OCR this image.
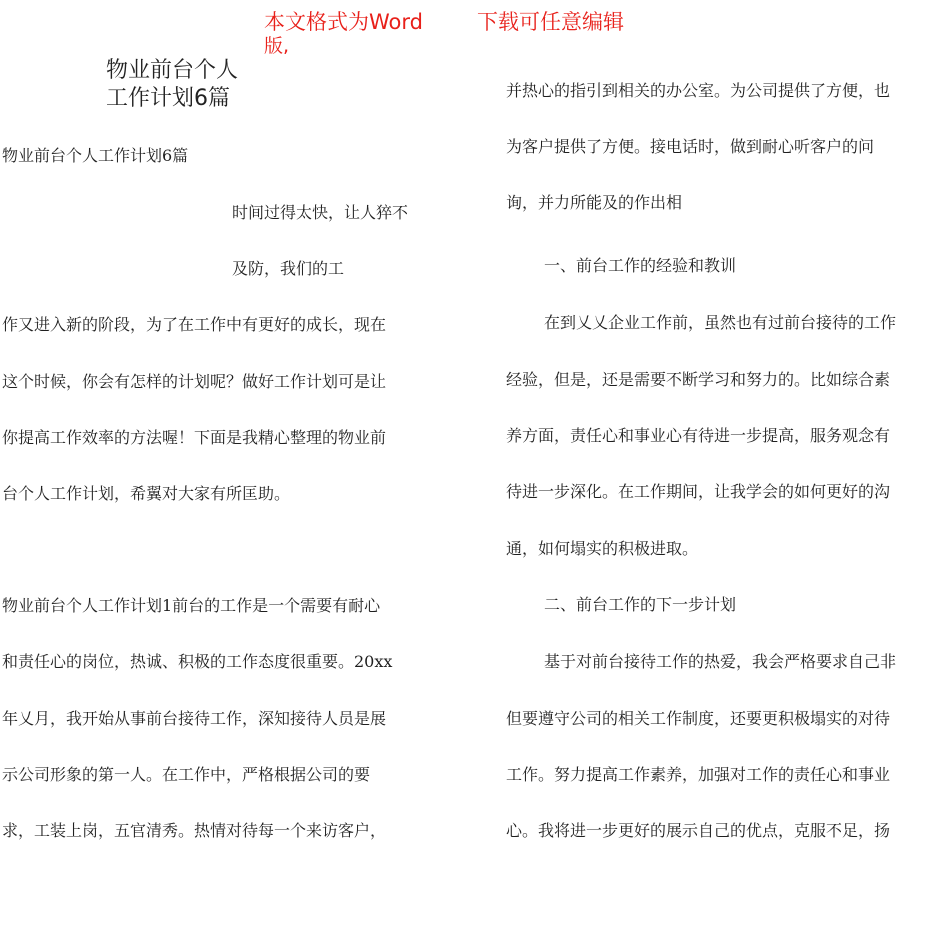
本文格式为Word
版,
下载可任意编辑
物业前台个人
工作计划6篇
物业前台个人工作计划6篇
时间过得太快，让人猝不
及防，我们的工
作又进入新的阶段，为了在工作中有更好的成长，现在
这个时候，你会有怎样的计划呢？做好工作计划可是让
你提高工作效率的方法喔！下面是我精心整理的物业前
台个人工作计划，希翼对大家有所匡助。
物业前台个人工作计划1前台的工作是一个需要有耐心
和责任心的岗位，热诚、积极的工作态度很重要。20xx
年乂月，我开始从事前台接待工作，深知接待人员是展
示公司形象的第一人。在工作中，严格根据公司的要
求，工装上岗，五官清秀。热情对待每一个来访客户，
并热心的指引到相关的办公室。为公司提供了方便，也
为客户提供了方便。接电话时，做到耐心听客户的问
询，并力所能及的作出相
一、前台工作的经验和教训
在到乂乂企业工作前，虽然也有过前台接待的工作
经验，但是，还是需要不断学习和努力的。比如综合素
养方面，责任心和事业心有待进一步提高，服务观念有
待进一步深化。在工作期间，让我学会的如何更好的沟
通，如何塌实的积极进取。
二、前台工作的下一步计划
基于对前台接待工作的热爱，我会严格要求自己非
但要遵守公司的相关工作制度，还要更积极塌实的对待
工作。努力提高工作素养，加强对工作的责任心和事业
心。我将进一步更好的展示自己的优点，克服不足，扬
